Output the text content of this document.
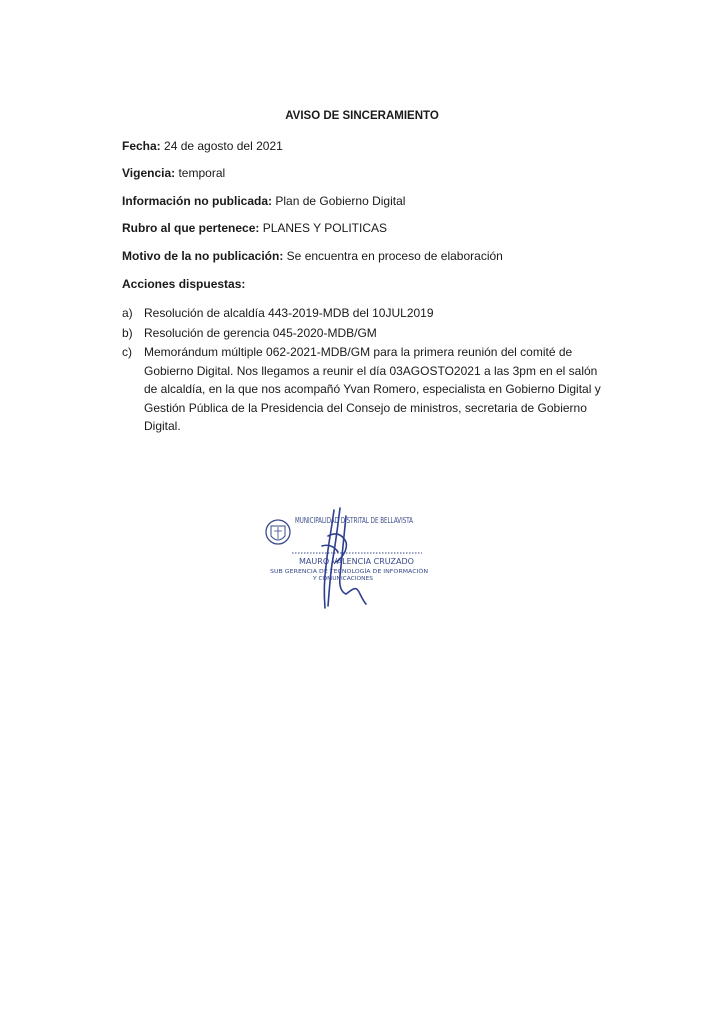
AVISO DE SINCERAMIENTO
Fecha: 24 de agosto del 2021
Vigencia: temporal
Información no publicada: Plan de Gobierno Digital
Rubro al que pertenece: PLANES Y POLITICAS
Motivo de la no publicación: Se encuentra en proceso de elaboración
Acciones dispuestas:
a) Resolución de alcaldía 443-2019-MDB del 10JUL2019
b) Resolución de gerencia 045-2020-MDB/GM
c)	Memorándum múltiple 062-2021-MDB/GM para la primera reunión del comité de Gobierno Digital. Nos llegamos a reunir el día 03AGOSTO2021 a las 3pm en el salón de alcaldía, en la que nos acompañó Yvan Romero, especialista en Gobierno Digital y Gestión Pública de la Presidencia del Consejo de ministros, secretaria de Gobierno Digital.
MUNICIPALIDAD DISTRITAL DE BELLAVISTA
MAURO VALENCIA CRUZADO
SUB GERENCIA DE TECNOLOGÍA DE INFORMACIÓN
Y COMUNICACIONES
